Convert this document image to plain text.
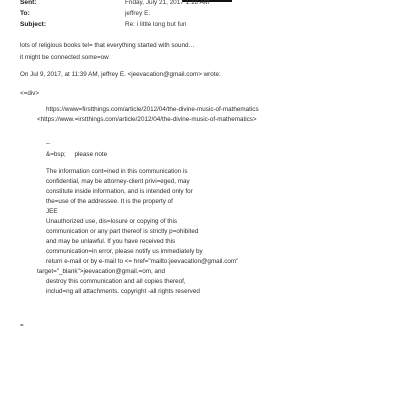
Sent:	Friday, July 21, 2017 1:18 AM
To:	jeffrey E.
Subject:	Re: i little long but fun
lots of religious books tel= that everything started with sound…
it might be connected some=ow
On Jul 9, 2017, at 11:39 AM, jeffrey E. <jeevacation@gmail.com> wrote:
<=div>
https://www=firstthings.com/article/2012/04/the-divine-music-of-mathematics
<https://www.=irstthings.com/article/2012/04/the-divine-music-of-mathematics>
--
&=bsp;     please note
The information cont=ined in this communication is
confidential, may be attorney-client privi=eged, may
constitute inside information, and is intended only for
the=use of the addressee. It is the property of
JEE
Unauthorized use, dis=losure or copying of this
communication or any part thereof is strictly p=ohibited
and may be unlawful. If you have received this
communication=in error, please notify us immediately by
return e-mail or by e-mail to <= href="mailto:jeevacation@gmail.com"
target="_blank">jeevacation@gmail.=om, and
destroy this communication and all copies thereof,
includ=ng all attachments. copyright -all rights reserved
=
